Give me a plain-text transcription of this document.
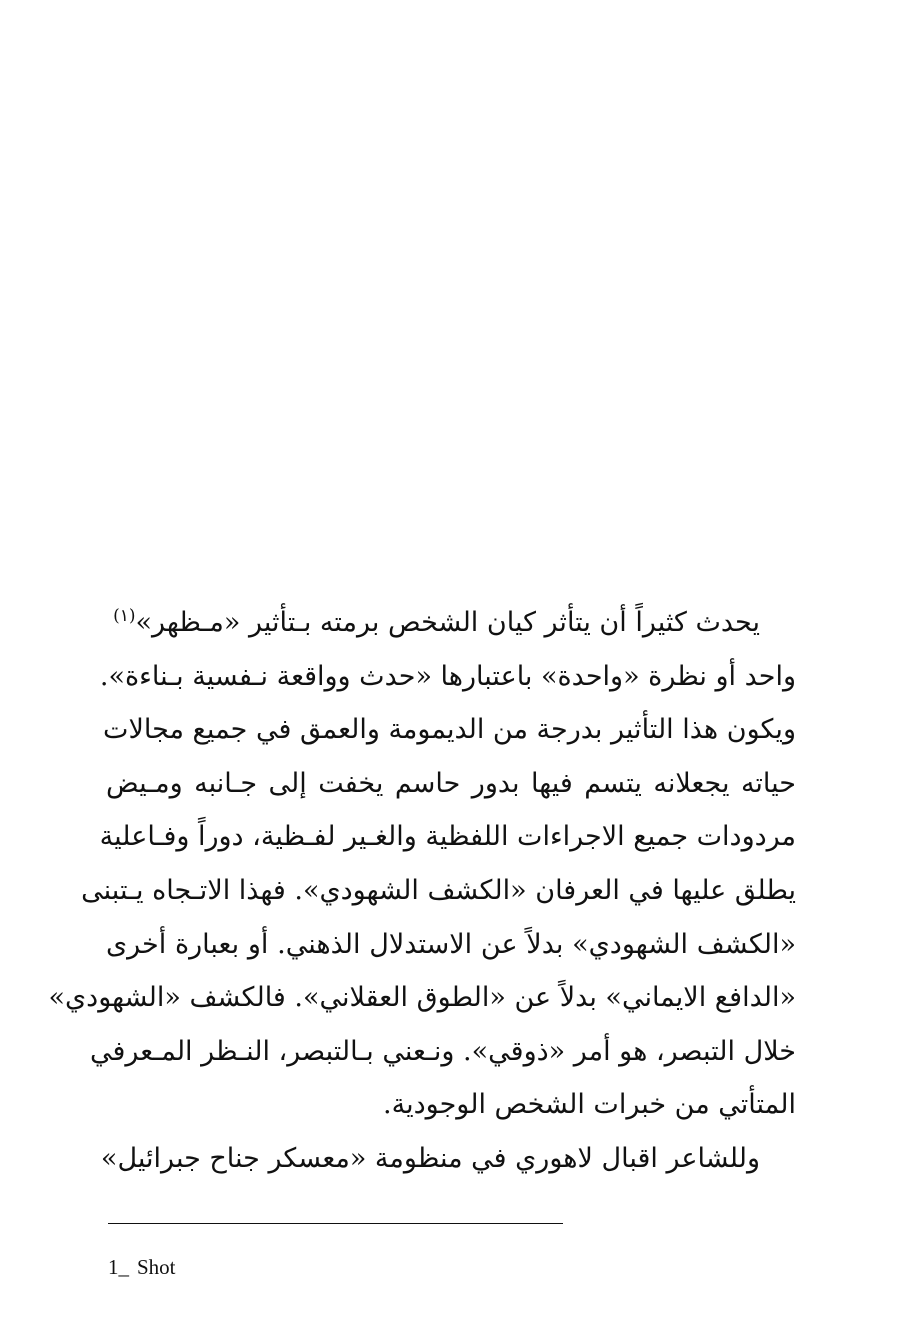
يحدث كثيراً أن يتأثر كيان الشخص برمته بـتأثير «مـظهر»$^{(١)}$
واحد أو نظرة «واحدة» باعتبارها «حدث وواقعة نـفسية بـناءة».
ويكون هذا التأثير بدرجة من الديمومة والعمق في جميع مجالات
حياته يجعلانه يتسم فيها بدور حاسم يخفت إلى جـانبه ومـيض
مردودات جميع الاجراءات اللفظية والغـير لفـظية، دوراً وفـاعلية
يطلق عليها في العرفان «الكشف الشهودي». فهذا الاتـجاه يـتبنى
«الكشف الشهودي» بدلاً عن الاستدلال الذهني. أو بعبارة أخرى
«الدافع الايماني» بدلاً عن «الطوق العقلاني». فالكشف «الشهودي»
خلال التبصر، هو أمر «ذوقي». ونـعني بـالتبصر، النـظر المـعرفي
المتأتي من خبرات الشخص الوجودية.
وللشاعر اقبال لاهوري في منظومة «معسكر جناح جبرائيل»
1_ Shot
